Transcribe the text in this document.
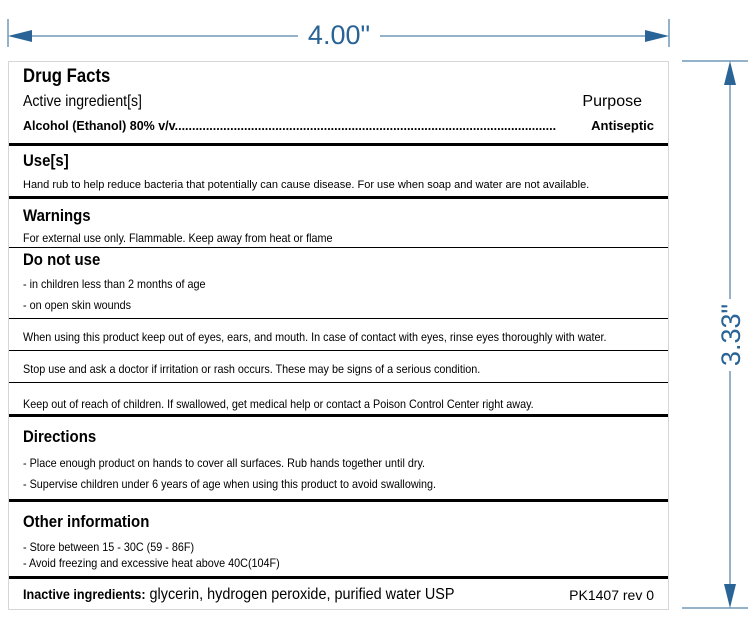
4.00"
3.33"
Drug Facts
Active ingredient[s]	Purpose
Alcohol (Ethanol) 80% v/v..............................................................................................................	Antiseptic
Use[s]
Hand rub to help reduce bacteria that potentially can cause disease. For use when soap and water are not available.
Warnings
For external use only. Flammable. Keep away from heat or flame
Do not use
- in children less than 2 months of age
- on open skin wounds
When using this product keep out of eyes, ears, and mouth. In case of contact with eyes, rinse eyes thoroughly with water.
Stop use and ask a doctor if irritation or rash occurs. These may be signs of a serious condition.
Keep out of reach of children. If swallowed, get medical help or contact a Poison Control Center right away.
Directions
- Place enough product on hands to cover all surfaces. Rub hands together until dry.
- Supervise children under 6 years of age when using this product to avoid swallowing.
Other information
- Store between 15 - 30C (59 - 86F)
- Avoid freezing and excessive heat above 40C(104F)
Inactive ingredients: glycerin, hydrogen peroxide, purified water USP	PK1407 rev 0
